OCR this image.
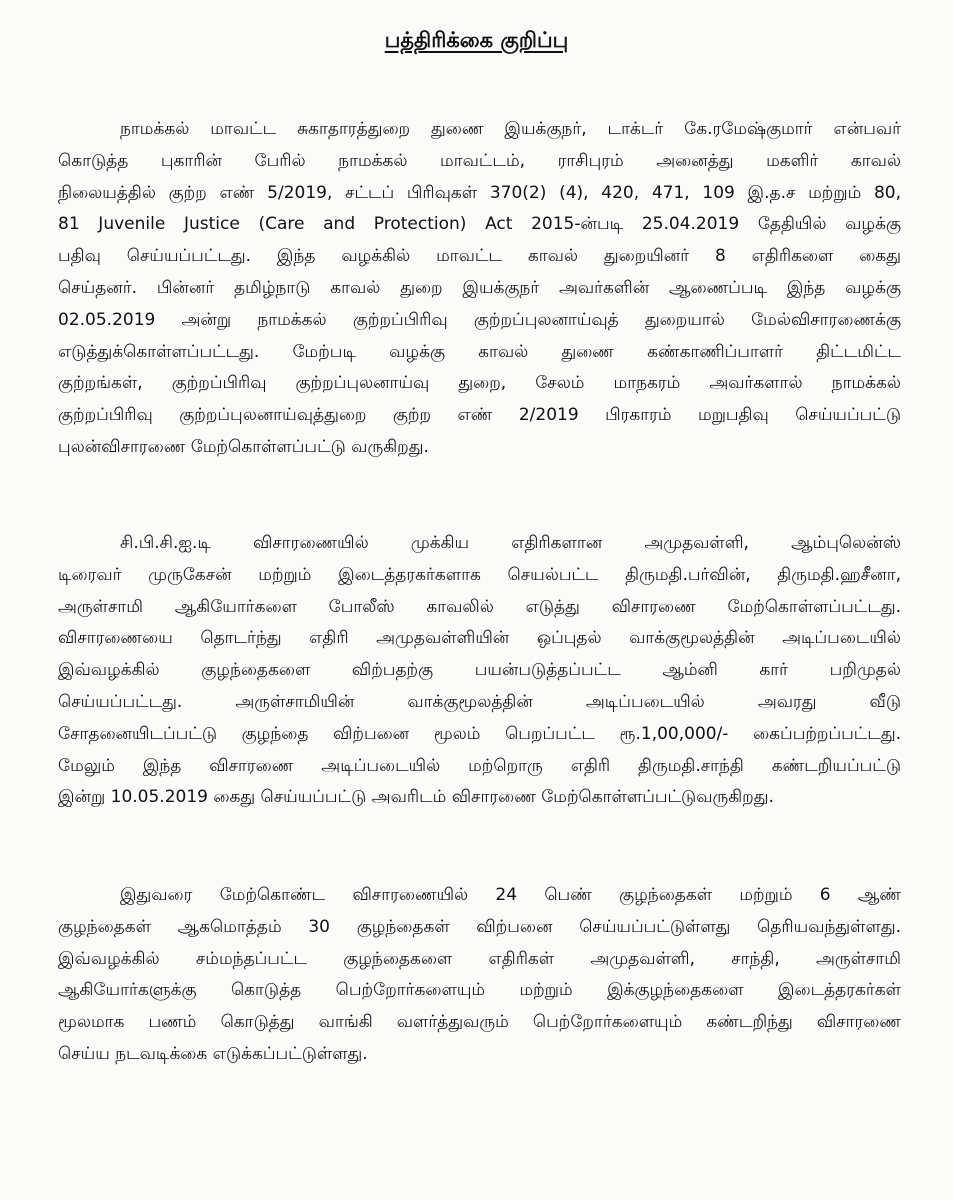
பத்திரிக்கை குறிப்பு
நாமக்கல் மாவட்ட சுகாதாரத்துறை துணை இயக்குநர், டாக்டர் கே.ரமேஷ்குமார் என்பவர்
கொடுத்த புகாரின் பேரில் நாமக்கல் மாவட்டம், ராசிபுரம் அனைத்து மகளிர் காவல்
நிலையத்தில் குற்ற எண் 5/2019, சட்டப் பிரிவுகள் 370(2) (4), 420, 471, 109 இ.த.ச மற்றும் 80,
81 Juvenile Justice (Care and Protection) Act 2015-ன்படி 25.04.2019 தேதியில் வழக்கு
பதிவு செய்யப்பட்டது. இந்த வழக்கில் மாவட்ட காவல் துறையினர் 8 எதிரிகளை கைது
செய்தனர். பின்னர் தமிழ்நாடு காவல் துறை இயக்குநர் அவர்களின் ஆணைப்படி இந்த வழக்கு
02.05.2019 அன்று நாமக்கல் குற்றப்பிரிவு குற்றப்புலனாய்வுத் துறையால் மேல்விசாரணைக்கு
எடுத்துக்கொள்ளப்பட்டது. மேற்படி வழக்கு காவல் துணை கண்காணிப்பாளர் திட்டமிட்ட
குற்றங்கள், குற்றப்பிரிவு குற்றப்புலனாய்வு துறை, சேலம் மாநகரம் அவர்களால் நாமக்கல்
குற்றப்பிரிவு குற்றப்புலனாய்வுத்துறை குற்ற எண் 2/2019 பிரகாரம் மறுபதிவு செய்யப்பட்டு
புலன்விசாரணை மேற்கொள்ளப்பட்டு வருகிறது.
சி.பி.சி.ஐ.டி விசாரணையில் முக்கிய எதிரிகளான அமுதவள்ளி, ஆம்புலென்ஸ்
டிரைவர் முருகேசன் மற்றும் இடைத்தரகர்களாக செயல்பட்ட திருமதி.பர்வின், திருமதி.ஹசீனா,
அருள்சாமி ஆகியோர்களை போலீஸ் காவலில் எடுத்து விசாரணை மேற்கொள்ளப்பட்டது.
விசாரணையை தொடர்ந்து எதிரி அமுதவள்ளியின் ஒப்புதல் வாக்குமூலத்தின் அடிப்படையில்
இவ்வழக்கில் குழந்தைகளை விற்பதற்கு பயன்படுத்தப்பட்ட ஆம்னி கார் பறிமுதல்
செய்யப்பட்டது. அருள்சாமியின் வாக்குமூலத்தின் அடிப்படையில் அவரது வீடு
சோதனையிடப்பட்டு குழந்தை விற்பனை மூலம் பெறப்பட்ட ரூ.1,00,000/- கைப்பற்றப்பட்டது.
மேலும் இந்த விசாரணை அடிப்படையில் மற்றொரு எதிரி திருமதி.சாந்தி கண்டறியப்பட்டு
இன்று 10.05.2019 கைது செய்யப்பட்டு அவரிடம் விசாரணை மேற்கொள்ளப்பட்டுவருகிறது.
இதுவரை மேற்கொண்ட விசாரணையில் 24 பெண் குழந்தைகள் மற்றும் 6 ஆண்
குழந்தைகள் ஆகமொத்தம் 30 குழந்தைகள் விற்பனை செய்யப்பட்டுள்ளது தெரியவந்துள்ளது.
இவ்வழக்கில் சம்மந்தப்பட்ட குழந்தைகளை எதிரிகள் அமுதவள்ளி, சாந்தி, அருள்சாமி
ஆகியோர்களுக்கு கொடுத்த பெற்றோர்களையும் மற்றும் இக்குழந்தைகளை இடைத்தரகர்கள்
மூலமாக பணம் கொடுத்து வாங்கி வளர்த்துவரும் பெற்றோர்களையும் கண்டறிந்து விசாரணை
செய்ய நடவடிக்கை எடுக்கப்பட்டுள்ளது.
